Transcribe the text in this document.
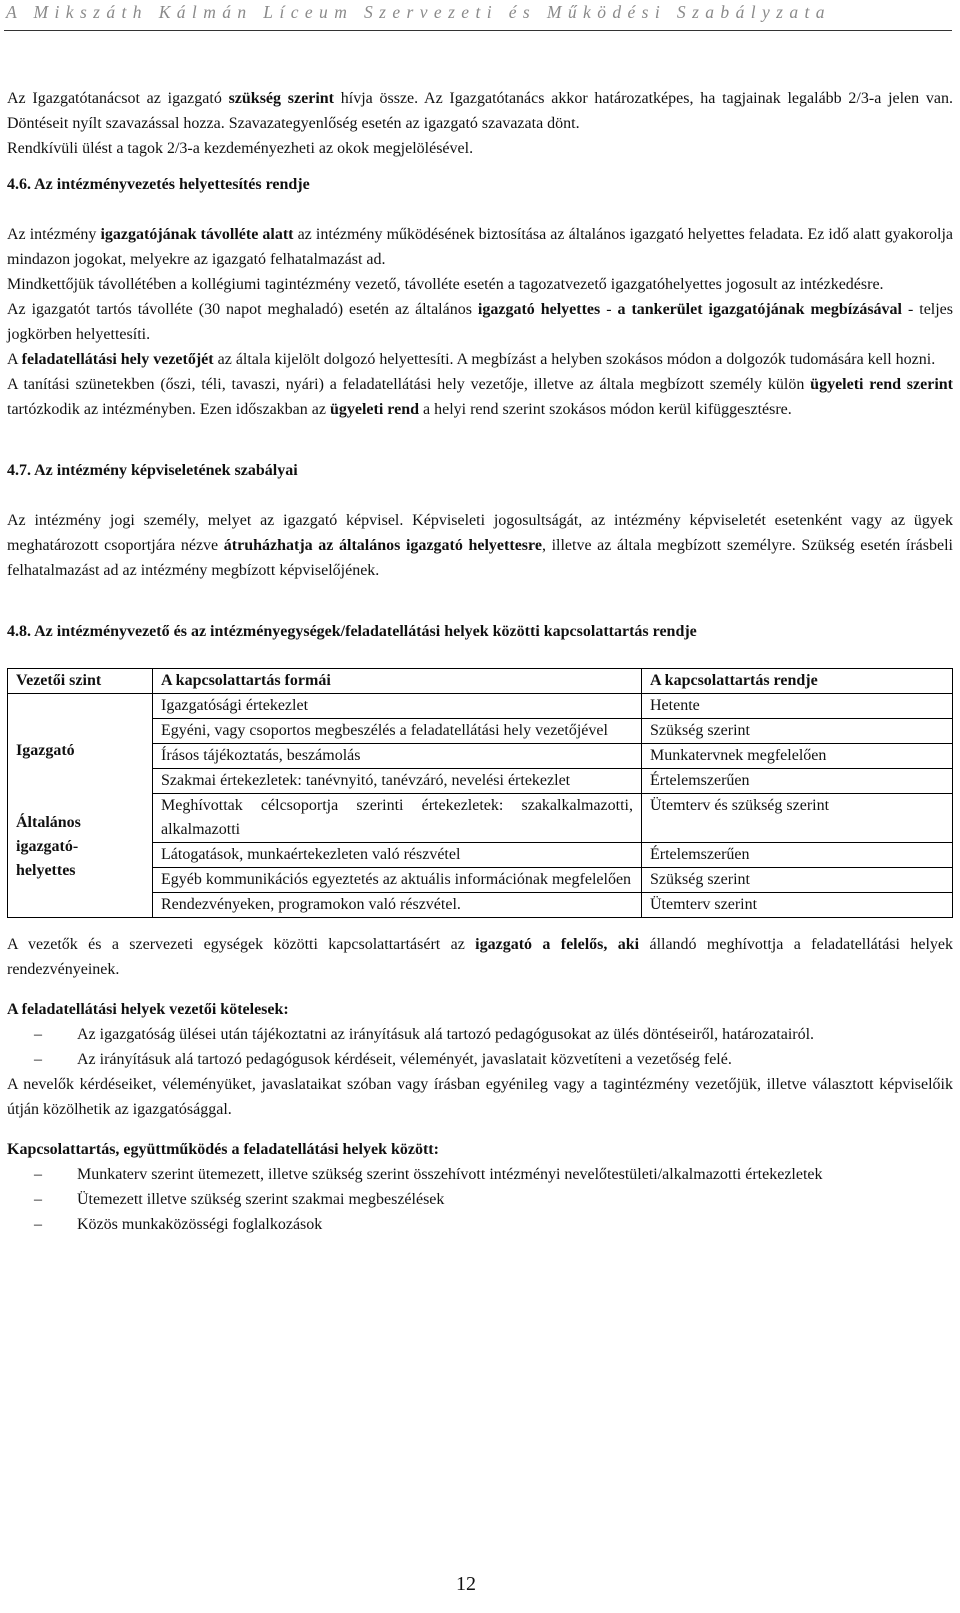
A Mikszáth Kálmán Líceum Szervezeti és Működési Szabályzata

Az Igazgatótanácsot az igazgató szükség szerint hívja össze. Az Igazgatótanács akkor határozatképes, ha tagjainak legalább 2/3-a jelen van. Döntéseit nyílt szavazással hozza. Szavazategyenlőség esetén az igazgató szavazata dönt.

Rendkívüli ülést a tagok 2/3-a kezdeményezheti az okok megjelölésével.

4.6. Az intézményvezetés helyettesítés rendje

Az intézmény igazgatójának távolléte alatt az intézmény működésének biztosítása az általános igazgató helyettes feladata. Ez idő alatt gyakorolja mindazon jogokat, melyekre az igazgató felhatalmazást ad.

Mindkettőjük távollétében a kollégiumi tagintézmény vezető, távolléte esetén a tagozatvezető igazgatóhelyettes jogosult az intézkedésre.

Az igazgatót tartós távolléte (30 napot meghaladó) esetén az általános igazgató helyettes - a tankerület igazgatójának megbízásával - teljes jogkörben helyettesíti.

A feladatellátási hely vezetőjét az általa kijelölt dolgozó helyettesíti. A megbízást a helyben szokásos módon a dolgozók tudomására kell hozni.

A tanítási szünetekben (őszi, téli, tavaszi, nyári) a feladatellátási hely vezetője, illetve az általa megbízott személy külön ügyeleti rend szerint tartózkodik az intézményben. Ezen időszakban az ügyeleti rend a helyi rend szerint szokásos módon kerül kifüggesztésre.

4.7. Az intézmény képviseletének szabályai

Az intézmény jogi személy, melyet az igazgató képvisel. Képviseleti jogosultságát, az intézmény képviseletét esetenként vagy az ügyek meghatározott csoportjára nézve átruházhatja az általános igazgató helyettesre, illetve az általa megbízott személyre. Szükség esetén írásbeli felhatalmazást ad az intézmény megbízott képviselőjének.

4.8. Az intézményvezető és az intézményegységek/feladatellátási helyek közötti kapcsolattartás rendje
Vezetői szint	A kapcsolattartás formái	A kapcsolattartás rendje

Igazgató
Általános
igazgató-
helyettes	Igazgatósági értekezlet	Hetente
	Egyéni, vagy csoportos megbeszélés a feladatellátási hely vezetőjével	Szükség szerint
	Írásos tájékoztatás, beszámolás	Munkatervnek megfelelően
	Szakmai értekezletek: tanévnyitó, tanévzáró, nevelési értekezlet	Értelemszerűen
	Meghívottak célcsoportja szerinti értekezletek: szakalkalmazotti, alkalmazotti	Ütemterv és szükség szerint
	Látogatások, munkaértekezleten való részvétel	Értelemszerűen
	Egyéb kommunikációs egyeztetés az aktuális információnak megfelelően	Szükség szerint
	Rendezvényeken, programokon való részvétel.	Ütemterv szerint

A vezetők és a szervezeti egységek közötti kapcsolattartásért az igazgató a felelős, aki állandó meghívottja a feladatellátási helyek rendezvényeinek.

A feladatellátási helyek vezetői kötelesek:
– Az igazgatóság ülései után tájékoztatni az irányításuk alá tartozó pedagógusokat az ülés döntéseiről, határozatairól.
– Az irányításuk alá tartozó pedagógusok kérdéseit, véleményét, javaslatait közvetíteni a vezetőség felé.

A nevelők kérdéseiket, véleményüket, javaslataikat szóban vagy írásban egyénileg vagy a tagintézmény vezetőjük, illetve választott képviselőik útján közölhetik az igazgatósággal.

Kapcsolattartás, együttműködés a feladatellátási helyek között:
– Munkaterv szerint ütemezett, illetve szükség szerint összehívott intézményi nevelőtestületi/alkalmazotti értekezletek
– Ütemezett illetve szükség szerint szakmai megbeszélések
– Közös munkaközösségi foglalkozások
12
